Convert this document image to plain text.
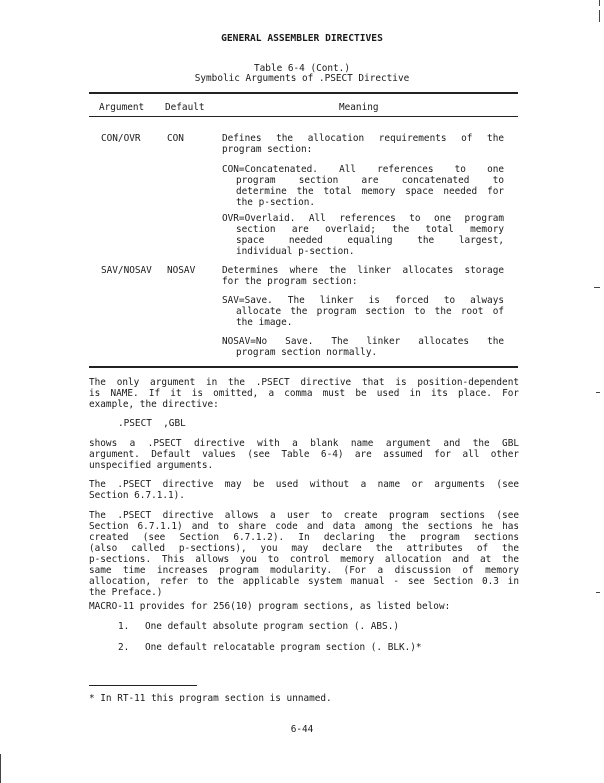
GENERAL ASSEMBLER DIRECTIVES
Table 6-4 (Cont.)
Symbolic Arguments of .PSECT Directive
Argument Default	Meaning
CON/OVR	CON	Defines the allocation requirements of the
program section:
CON=Concatenated. All references to one
program section are concatenated to
determine the total memory space needed for
the p-section.
OVR=Overlaid. All references to one program
section are overlaid; the total memory
space needed equaling the largest,
individual p-section.
SAV/NOSAV NOSAV	Determines where the linker allocates storage
for the program section:
SAV=Save. The linker is forced to always
allocate the program section to the root of
the image.
NOSAV=No Save. The linker allocates the
program section normally.
The only argument in the .PSECT directive that is position-dependent
is NAME. If it is omitted, a comma must be used in its place. For
example, the directive:
.PSECT  ,GBL
shows a .PSECT directive with a blank name argument and the GBL
argument. Default values (see Table 6-4) are assumed for all other
unspecified arguments.
The .PSECT directive may be used without a name or arguments (see
Section 6.7.1.1).
The .PSECT directive allows a user to create program sections (see
Section 6.7.1.1) and to share code and data among the sections he has
created (see Section 6.7.1.2). In declaring the program sections
(also called p-sections), you may declare the attributes of the
p-sections. This allows you to control memory allocation and at the
same time increases program modularity. (For a discussion of memory
allocation, refer to the applicable system manual - see Section 0.3 in
the Preface.)
MACRO-11 provides for 256(10) program sections, as listed below:
1. One default absolute program section (. ABS.)
2. One default relocatable program section (. BLK.)*
* In RT-11 this program section is unnamed.
6-44
